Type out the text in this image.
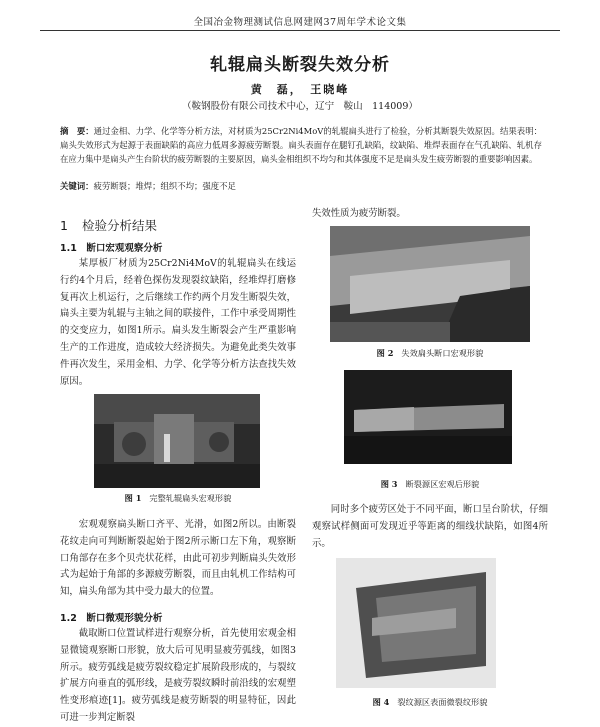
全国冶金物理测试信息网建网37周年学术论文集
轧辊扁头断裂失效分析
黄　磊，　王晓峰
（鞍钢股份有限公司技术中心，辽宁　鞍山　114009）
摘　要：通过金相、力学、化学等分析方法，对材质为25Cr2Ni4MoV的轧辊扁头进行了检验，分析其断裂失效原因。结果表明：扁头失效形式为起源于表面缺陷的高应力低周多源疲劳断裂。扁头表面存在腿钉孔缺陷，纹缺陷、堆焊表面存在气孔缺陷、轧机存在应力集中是扁头产生台阶状的疲劳断裂的主要原因，扁头金相组织不均匀和其体强度不足是扁头发生疲劳断裂的重要影响因素。
关键词：疲劳断裂；堆焊；组织不均；强度不足
1 检验分析结果
1.1　断口宏观观察分析
某厚板厂材质为25Cr2Ni4MoV的轧辊扁头在线运行约4个月后，经着色探伤发现裂纹缺陷，经堆焊打磨修复再次上机运行，之后继续工作约两个月发生断裂失效，扁头主要为轧辊与主轴之间的联接件，工作中承受周期性的交变应力，如图1所示。扁头发生断裂会产生严重影响生产的工作进度，造成较大经济损失。为避免此类失效事件再次发生，采用金相、力学、化学等分析方法查找失效原因。
图 1 完整轧辊扁头宏观形貌
宏观观察扁头断口齐平、光滑，如图2所以。由断裂花纹走向可判断断裂起始于图2所示断口左下角，观察断口角部存在多个贝壳状花样，由此可初步判断扁头失效形式为起始于角部的多源疲劳断裂，而且由轧机工作结构可知，扁头角部为其中受力最大的位置。
1.2　断口微观形貌分析
截取断口位置试样进行观察分析，首先使用宏观金相显微镜观察断口形貌，放大后可见明显疲劳弧线，如图3所示。疲劳弧线是疲劳裂纹稳定扩展阶段形成的，与裂纹扩展方向垂直的弧形线，是疲劳裂纹瞬时前沿线的宏观塑性变形痕迹[1]。疲劳弧线是疲劳断裂的明显特征，因此可进一步判定断裂
失效性质为疲劳断裂。
图 2 失效扁头断口宏观形貌
图 3 断裂源区宏观后形貌
同时多个疲劳区处于不同平面，断口呈台阶状，仔细观察试样侧面可发现近乎等距离的细线状缺陷，如图4所示。
图 4 裂纹源区表面微裂纹形貌
